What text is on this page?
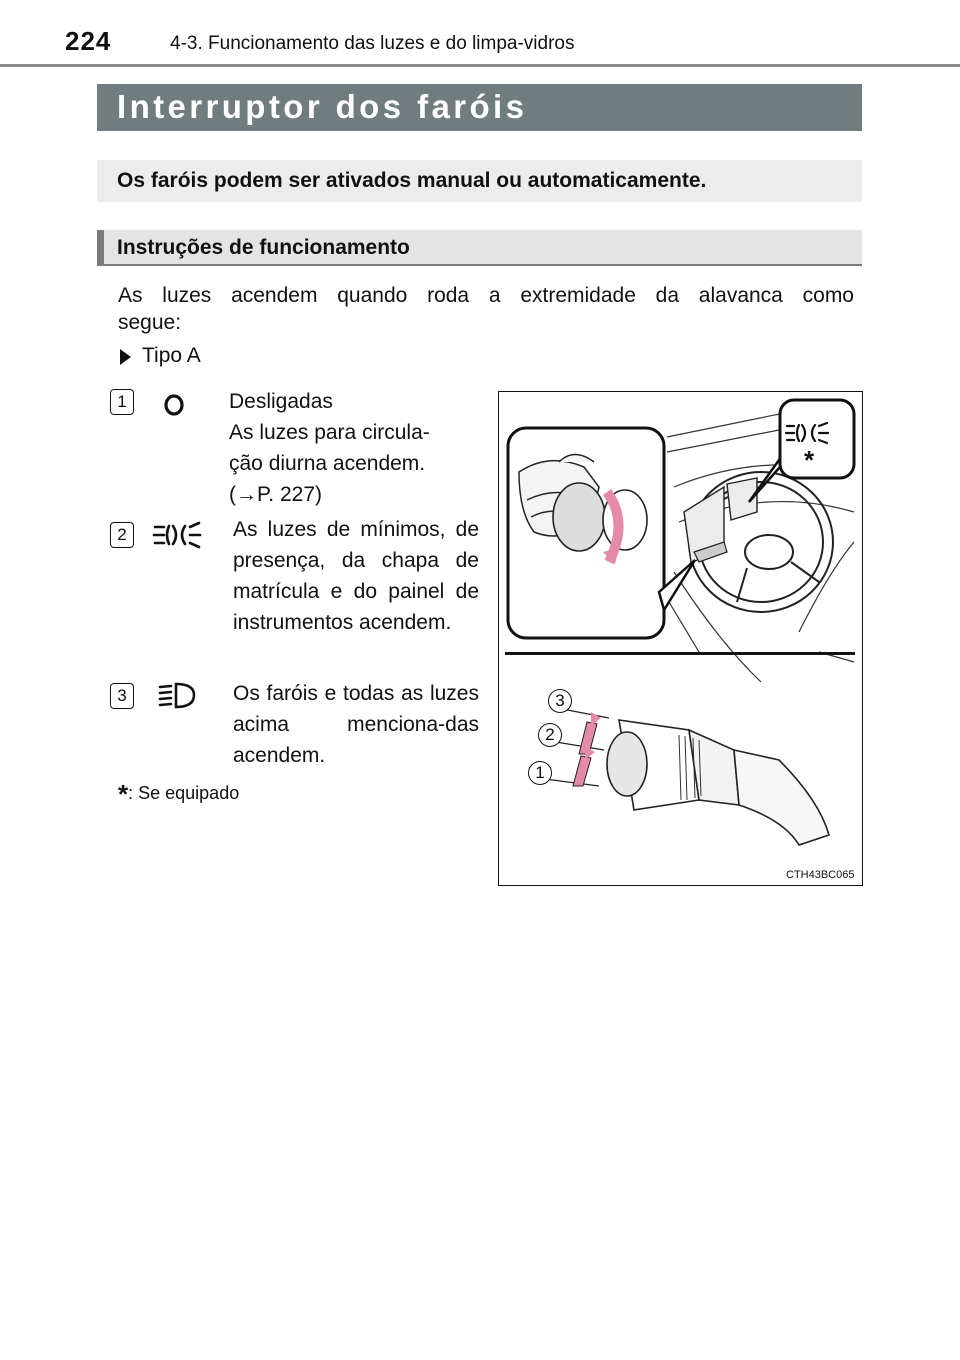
224	4-3. Funcionamento das luzes e do limpa-vidros
Interruptor dos faróis
Os faróis podem ser ativados manual ou automaticamente.
Instruções de funcionamento
As luzes acendem quando roda a extremidade da alavanca como
segue:
Tipo A
1	Desligadas
As luzes para circula-
ção diurna acendem.
(→P. 227)
2	As luzes de mínimos, de presença, da chapa de matrícula e do painel de instrumentos acendem.
3	Os faróis e todas as luzes acima menciona-das acendem.
*: Se equipado
*
3
2
1
CTH43BC065
